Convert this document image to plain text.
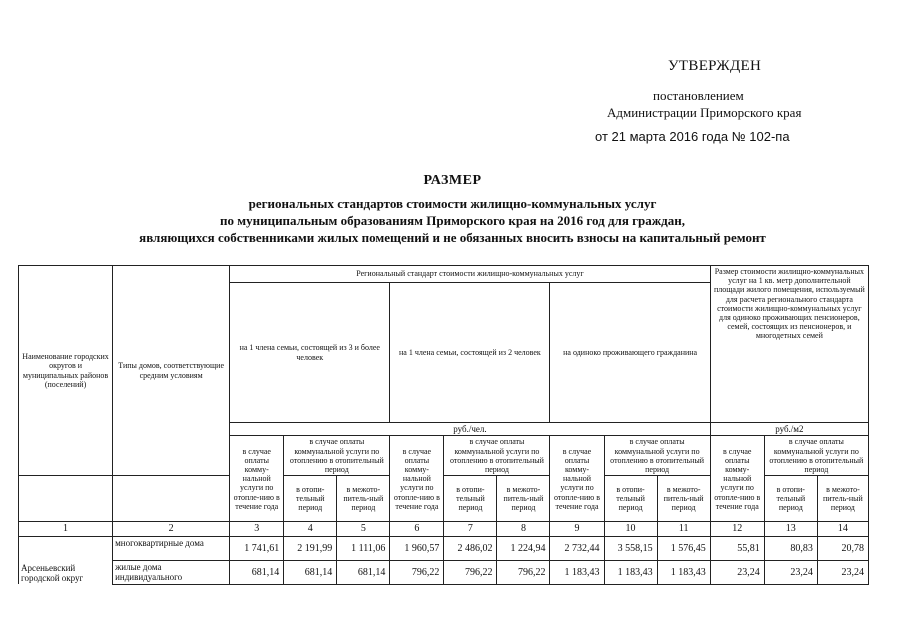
УТВЕРЖДЕН
постановлением
Администрации Приморского края
от 21 марта 2016 года № 102-па
РАЗМЕР
региональных стандартов стоимости жилищно-коммунальных услуг
по муниципальным образованиям Приморского края на 2016 год для граждан,
являющихся собственниками жилых помещений и не обязанных вносить взносы на капитальный ремонт
Наименование городских округов и муниципальных районов (поселений)	Типы домов, соответствующие средним условиям	Региональный стандарт стоимости жилищно-коммунальных услуг									Размер стоимости жилищно-коммунальных услуг на 1 кв. метр дополнительной площади жилого помещения, используемый для расчета регионального стандарта стоимости жилищно-коммунальных услуг для одиноко проживающих пенсионеров, семей, состоящих из пенсионеров, и многодетных семей		
		на 1 члена семьи, состоящей из 3 и более человек			на 1 члена семьи, состоящей из 2 человек			на одиноко проживающего гражданина					
		руб./чел.									руб./м2		
		в случае оплаты комму-нальной услуги по отопле-нию в течение года	в случае оплаты коммунальной услуги по отоплению в отопительный период		в случае оплаты комму-нальной услуги по отопле-нию в течение года	в случае оплаты коммунальной услуги по отоплению в отопительный период		в случае оплаты комму-нальной услуги по отопле-нию в течение года	в случае оплаты коммунальной услуги по отоплению в отопительный период		в случае оплаты комму-нальной услуги по отопле-нию в течение года	в случае оплаты коммунальной услуги по отоплению в отопительный период	
			в отопи-тельный период	в межото-питель-ный период		в отопи-тельный период	в межото-питель-ный период		в отопи-тельный период	в межото-питель-ный период		в отопи-тельный период	в межото-питель-ный период
1	2	3	4	5	6	7	8	9	10	11	12	13	14
Арсеньевский городской округ	многоквартирные дома	1 741,61	2 191,99	1 111,06	1 960,57	2 486,02	1 224,94	2 732,44	3 558,15	1 576,45	55,81	80,83	20,78
	жилые дома индивидуального	681,14	681,14	681,14	796,22	796,22	796,22	1 183,43	1 183,43	1 183,43	23,24	23,24	23,24
